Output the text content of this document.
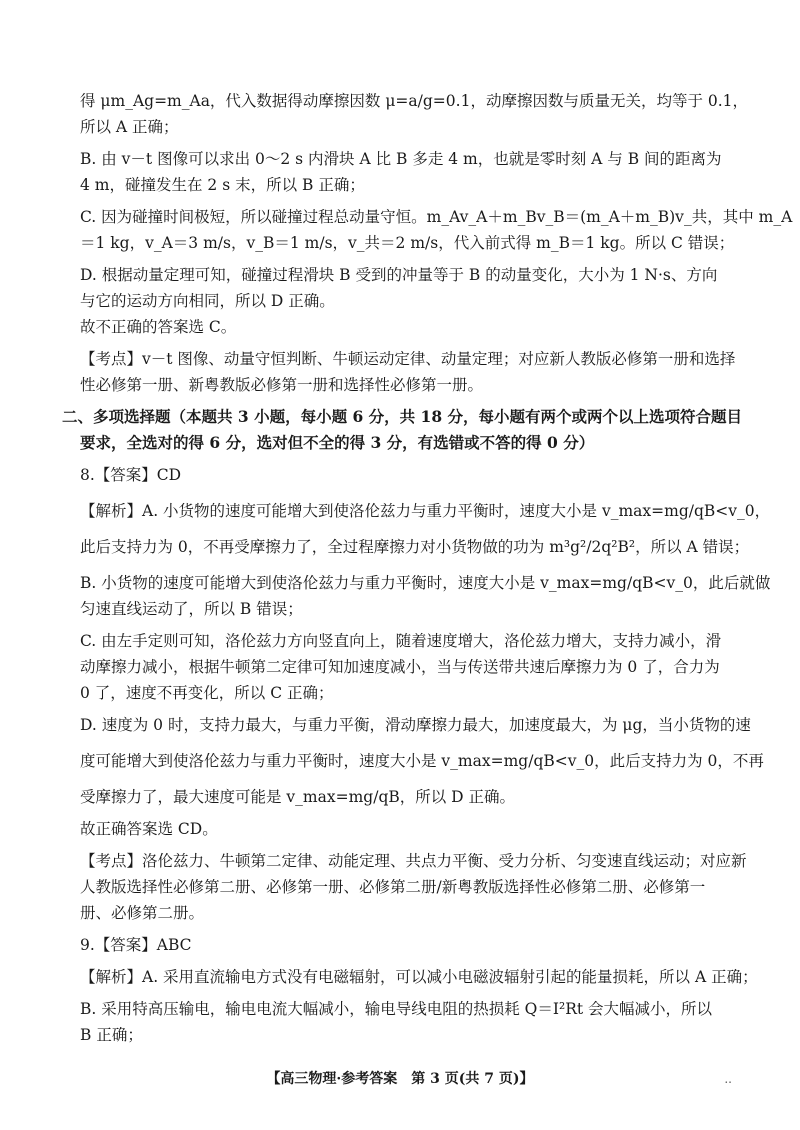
得 μm_Ag=m_Aa，代入数据得动摩擦因数 μ=a/g=0.1，动摩擦因数与质量无关，均等于 0.1，
所以 A 正确；
B. 由 v－t 图像可以求出 0～2 s 内滑块 A 比 B 多走 4 m，也就是零时刻 A 与 B 间的距离为
4 m，碰撞发生在 2 s 末，所以 B 正确；
C. 因为碰撞时间极短，所以碰撞过程总动量守恒。m_Av_A＋m_Bv_B＝(m_A＋m_B)v_共，其中 m_A
＝1 kg，v_A＝3 m/s，v_B＝1 m/s，v_共＝2 m/s，代入前式得 m_B＝1 kg。所以 C 错误；
D. 根据动量定理可知，碰撞过程滑块 B 受到的冲量等于 B 的动量变化，大小为 1 N·s、方向
与它的运动方向相同，所以 D 正确。
故不正确的答案选 C。
【考点】v－t 图像、动量守恒判断、牛顿运动定律、动量定理；对应新人教版必修第一册和选择
性必修第一册、新粤教版必修第一册和选择性必修第一册。
二、多项选择题（本题共 3 小题，每小题 6 分，共 18 分，每小题有两个或两个以上选项符合题目
要求，全选对的得 6 分，选对但不全的得 3 分，有选错或不答的得 0 分）
8.【答案】CD
【解析】A. 小货物的速度可能增大到使洛伦兹力与重力平衡时，速度大小是 v_max=mg/qB<v_0，
此后支持力为 0，不再受摩擦力了，全过程摩擦力对小货物做的功为 m³g²/2q²B²，所以 A 错误；
B. 小货物的速度可能增大到使洛伦兹力与重力平衡时，速度大小是 v_max=mg/qB<v_0，此后就做
匀速直线运动了，所以 B 错误；
C. 由左手定则可知，洛伦兹力方向竖直向上，随着速度增大，洛伦兹力增大，支持力减小，滑
动摩擦力减小，根据牛顿第二定律可知加速度减小，当与传送带共速后摩擦力为 0 了，合力为
0 了，速度不再变化，所以 C 正确；
D. 速度为 0 时，支持力最大，与重力平衡，滑动摩擦力最大，加速度最大，为 μg，当小货物的速
度可能增大到使洛伦兹力与重力平衡时，速度大小是 v_max=mg/qB<v_0，此后支持力为 0，不再
受摩擦力了，最大速度可能是 v_max=mg/qB，所以 D 正确。
故正确答案选 CD。
【考点】洛伦兹力、牛顿第二定律、动能定理、共点力平衡、受力分析、匀变速直线运动；对应新
人教版选择性必修第二册、必修第一册、必修第二册/新粤教版选择性必修第二册、必修第一
册、必修第二册。
9.【答案】ABC
【解析】A. 采用直流输电方式没有电磁辐射，可以减小电磁波辐射引起的能量损耗，所以 A 正确；
B. 采用特高压输电，输电电流大幅减小，输电导线电阻的热损耗 Q＝I²Rt 会大幅减小，所以
B 正确；
【高三物理·参考答案　第 3 页(共 7 页)】	..
